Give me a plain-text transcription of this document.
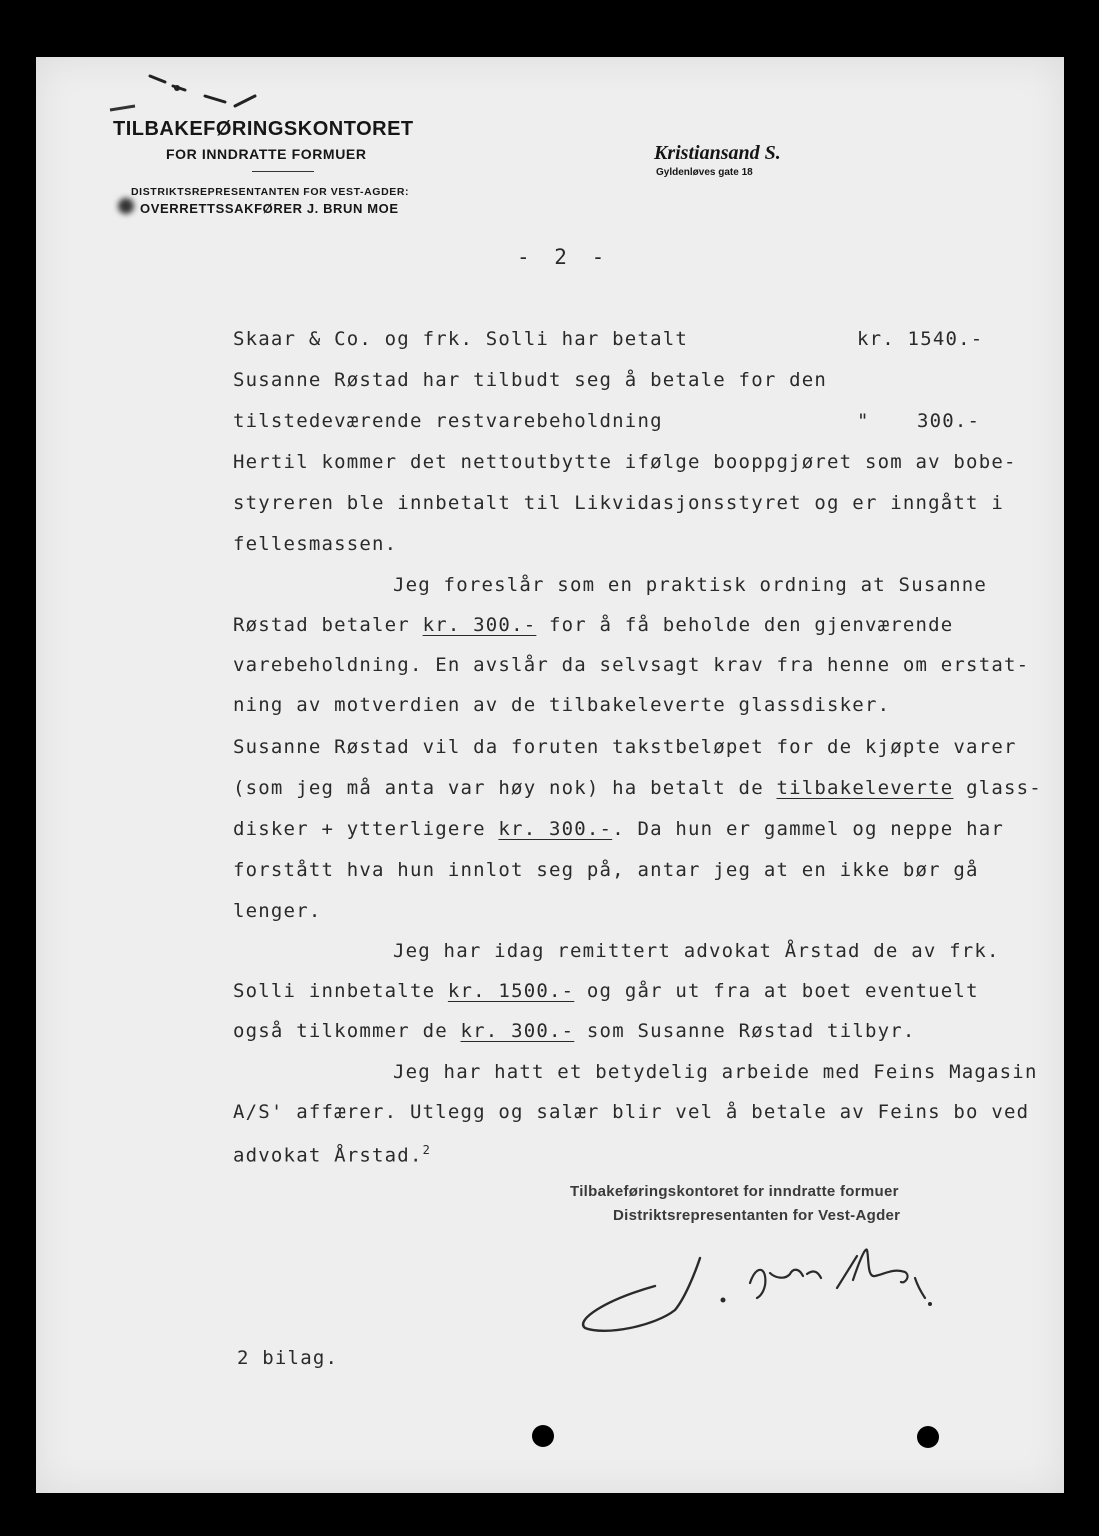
TILBAKEFØRINGSKONTORET
FOR INNDRATTE FORMUER
DISTRIKTSREPRESENTANTEN FOR VEST-AGDER:
OVERRETTSSAKFØRER J. BRUN MOE
Kristiansand S.
Gyldenløves gate 18
- 2 -
Skaar & Co. og frk. Solli har betalt	kr. 1540.-
Susanne Røstad har tilbudt seg å betale for den
tilstedeværende restvarebeholdning	" 300.-
Hertil kommer det nettoutbytte ifølge booppgjøret som av bobe-
styreren ble innbetalt til Likvidasjonsstyret og er inngått i
fellesmassen.
Jeg foreslår som en praktisk ordning at Susanne
Røstad betaler kr. 300.- for å få beholde den gjenværende
varebeholdning. En avslår da selvsagt krav fra henne om erstat-
ning av motverdien av de tilbakeleverte glassdisker.
Susanne Røstad vil da foruten takstbeløpet for de kjøpte varer
(som jeg må anta var høy nok) ha betalt de tilbakeleverte glass-
disker + ytterligere kr. 300.-. Da hun er gammel og neppe har
forstått hva hun innlot seg på, antar jeg at en ikke bør gå
lenger.
Jeg har idag remittert advokat Årstad de av frk.
Solli innbetalte kr. 1500.- og går ut fra at boet eventuelt
også tilkommer de kr. 300.- som Susanne Røstad tilbyr.
Jeg har hatt et betydelig arbeide med Feins Magasin
A/S' affærer. Utlegg og salær blir vel å betale av Feins bo ved
advokat Årstad.$^2$
Tilbakeføringskontoret for inndratte formuer
Distriktsrepresentanten for Vest-Agder
2 bilag.
